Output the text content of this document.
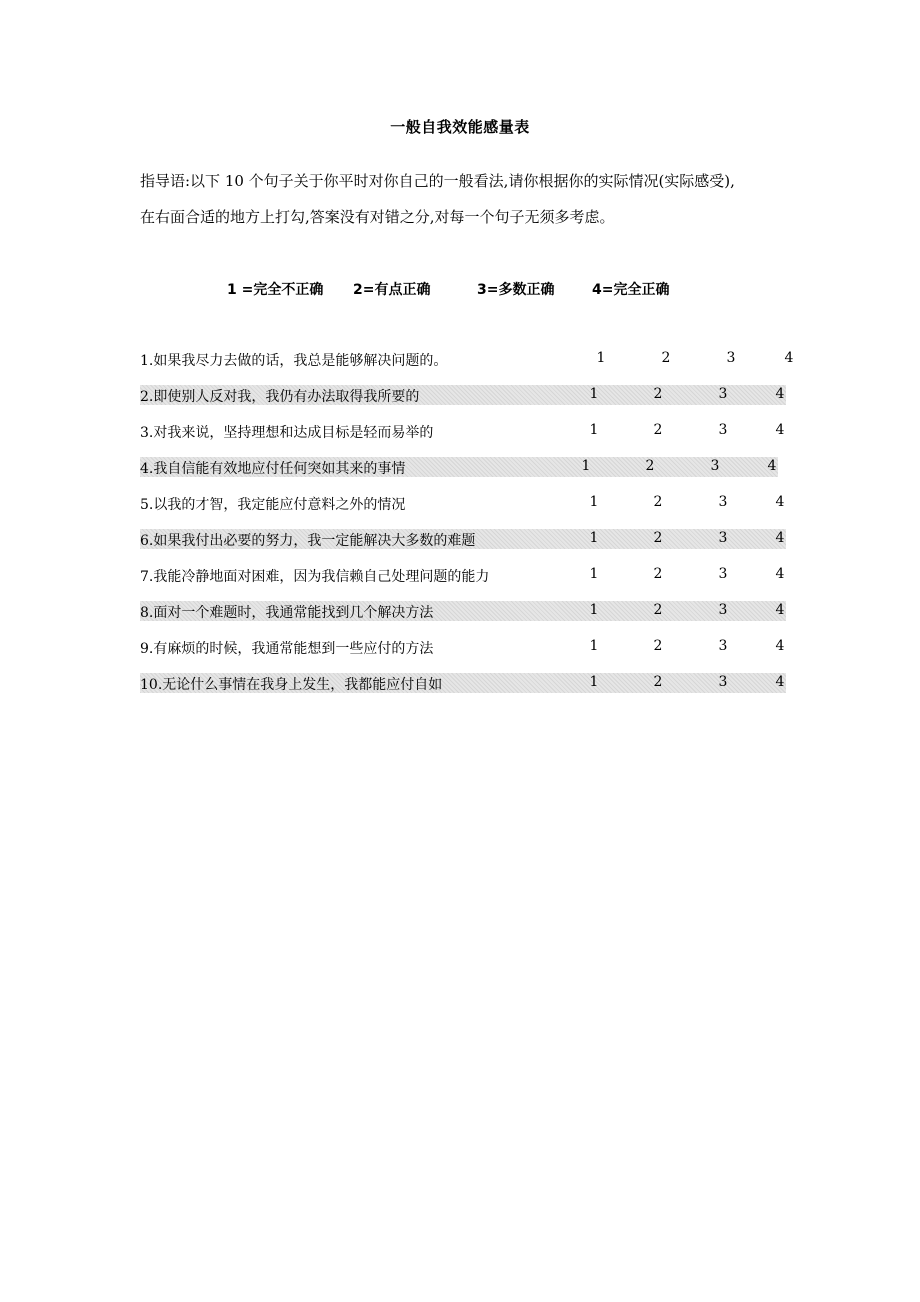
一般自我效能感量表
指导语:以下 10 个句子关于你平时对你自己的一般看法,请你根据你的实际情况(实际感受),
在右面合适的地方上打勾,答案没有对错之分,对每一个句子无须多考虑。
1 =完全不正确 2=有点正确	3=多数正确	4=完全正确
1.如果我尽力去做的话，我总是能够解决问题的。	1	2	3	4
2.即使别人反对我，我仍有办法取得我所要的	1	2	3	4
3.对我来说，坚持理想和达成目标是轻而易举的	1	2	3	4
4.我自信能有效地应付任何突如其来的事情	1	2	3	4
5.以我的才智，我定能应付意料之外的情况	1	2	3	4
6.如果我付出必要的努力，我一定能解决大多数的难题	1	2	3	4
7.我能冷静地面对困难，因为我信赖自己处理问题的能力	1	2	3	4
8.面对一个难题时，我通常能找到几个解决方法	1	2	3	4
9.有麻烦的时候，我通常能想到一些应付的方法	1	2	3	4
10.无论什么事情在我身上发生，我都能应付自如	1	2	3	4
